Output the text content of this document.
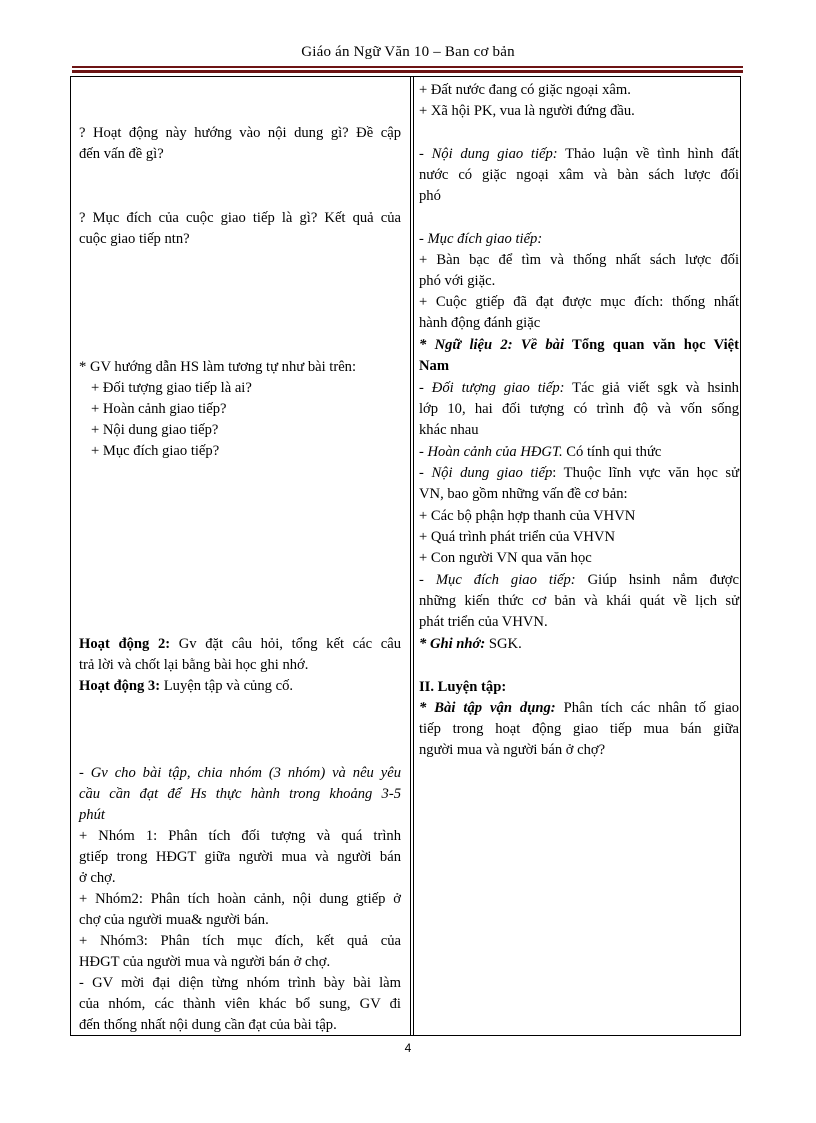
Giáo án Ngữ Văn 10 – Ban cơ bản
? Hoạt động này hướng vào nội dung gì? Đề cập
đến vấn đề gì?
? Mục đích của cuộc giao tiếp là gì? Kết quả của
cuộc giao tiếp ntn?
* GV hướng dẫn HS làm tương tự như bài trên:
+ Đối tượng giao tiếp là ai?
+ Hoàn cảnh giao tiếp?
+ Nội dung giao tiếp?
+ Mục đích giao tiếp?
Hoạt động 2: Gv đặt câu hỏi, tổng kết các câu
trả lời và chốt lại bằng bài học ghi nhớ.
Hoạt động 3: Luyện tập và củng cố.
- Gv cho bài tập, chia nhóm (3 nhóm) và nêu yêu
cầu cần đạt để Hs thực hành trong khoảng 3-5
phút
+ Nhóm 1: Phân tích đối tượng và quá trình
gtiếp trong HĐGT giữa người mua và người bán
ở chợ.
+ Nhóm2: Phân tích hoàn cảnh, nội dung gtiếp ở
chợ của người mua& người bán.
+ Nhóm3: Phân tích mục đích, kết quả của
HĐGT của người mua và người bán ở chợ.
- GV mời đại diện từng nhóm trình bày bài làm
của nhóm, các thành viên khác bổ sung, GV đi
đến thống nhất nội dung cần đạt của bài tập.
+ Đất nước đang có giặc ngoại xâm.
+ Xã hội PK, vua là người đứng đầu.
- Nội dung giao tiếp: Thảo luận về tình hình đất
nước có giặc ngoại xâm và bàn sách lược đối
phó
- Mục đích giao tiếp:
+ Bàn bạc để tìm và thống nhất sách lược đối
phó với giặc.
+ Cuộc gtiếp đã đạt được mục đích: thống nhất
hành động đánh giặc
* Ngữ liệu 2: Về bài Tổng quan văn học Việt
Nam
- Đối tượng giao tiếp: Tác giả viết sgk và hsinh
lớp 10, hai đối tượng có trình độ và vốn sống
khác nhau
- Hoàn cảnh của HĐGT. Có tính qui thức
- Nội dung giao tiếp: Thuộc lĩnh vực văn học sử
VN, bao gồm những vấn đề cơ bản:
+ Các bộ phận hợp thanh của VHVN
+ Quá trình phát triển của VHVN
+ Con người VN qua văn học
- Mục đích giao tiếp: Giúp hsinh nắm được
những kiến thức cơ bản và khái quát về lịch sử
phát triển của VHVN.
* Ghi nhớ: SGK.
II. Luyện tập:
* Bài tập vận dụng: Phân tích các nhân tố giao
tiếp trong hoạt động giao tiếp mua bán giữa
người mua và người bán ở chợ?
4
